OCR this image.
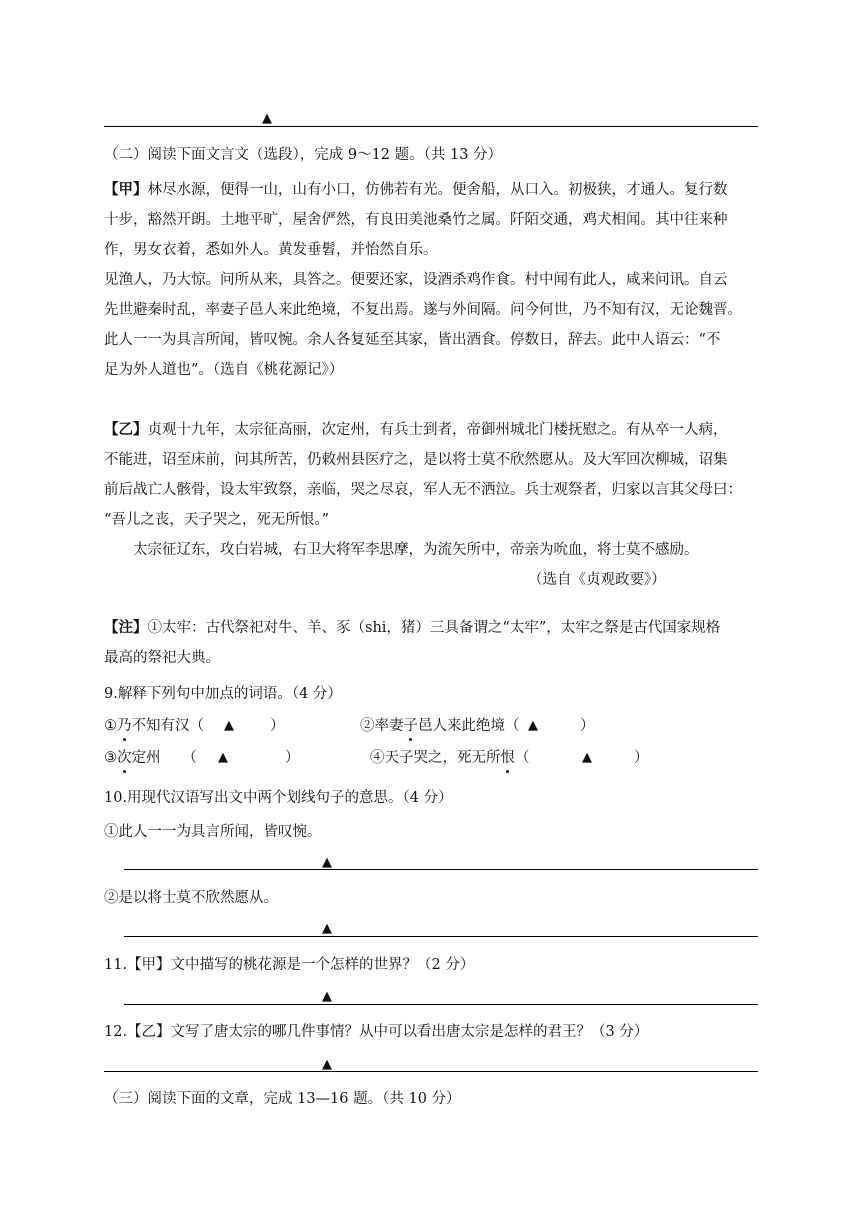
▲
（二）阅读下面文言文（选段），完成 9～12 题。（共 13 分）
【甲】林尽水源，便得一山，山有小口，仿佛若有光。便舍船，从口入。初极狭，才通人。复行数
十步，豁然开朗。土地平旷，屋舍俨然，有良田美池桑竹之属。阡陌交通，鸡犬相闻。其中往来种
作，男女衣着，悉如外人。黄发垂髫，并怡然自乐。
见渔人，乃大惊。问所从来，具答之。便要还家，设酒杀鸡作食。村中闻有此人，咸来问讯。自云
先世避秦时乱，率妻子邑人来此绝境，不复出焉。遂与外间隔。问今何世，乃不知有汉，无论魏晋。
此人一一为具言所闻，皆叹惋。余人各复延至其家，皆出酒食。停数日，辞去。此中人语云：“不
足为外人道也”。（选自《桃花源记》）
【乙】贞观十九年，太宗征高丽，次定州，有兵士到者，帝御州城北门楼抚慰之。有从卒一人病，
不能进，诏至床前，问其所苦，仍敕州县医疗之，是以将士莫不欣然愿从。及大军回次柳城，诏集
前后战亡人骸骨，设太牢致祭，亲临，哭之尽哀，军人无不洒泣。兵士观祭者，归家以言其父母曰：
“吾儿之丧，天子哭之，死无所恨。”
太宗征辽东，攻白岩城，右卫大将军李思摩，为流矢所中，帝亲为吮血，将士莫不感励。
（选自《贞观政要》）
【注】①太牢：古代祭祀对牛、羊、豕（shi，猪）三具备谓之“太牢”，太牢之祭是古代国家规格
最高的祭祀大典。
9.解释下列句中加点的词语。（4 分）
①乃不知有汉（ ▲ ）	②率妻子邑人来此绝境（ ▲	）
③次定州　　（ ▲	）	④天子哭之，死无所恨（	▲	）
10.用现代汉语写出文中两个划线句子的意思。（4 分）
①此人一一为具言所闻，皆叹惋。
▲
②是以将士莫不欣然愿从。
▲
11.【甲】文中描写的桃花源是一个怎样的世界？（2 分）
▲
12.【乙】文写了唐太宗的哪几件事情？从中可以看出唐太宗是怎样的君王？（3 分）
▲
（三）阅读下面的文章，完成 13—16 题。（共 10 分）
